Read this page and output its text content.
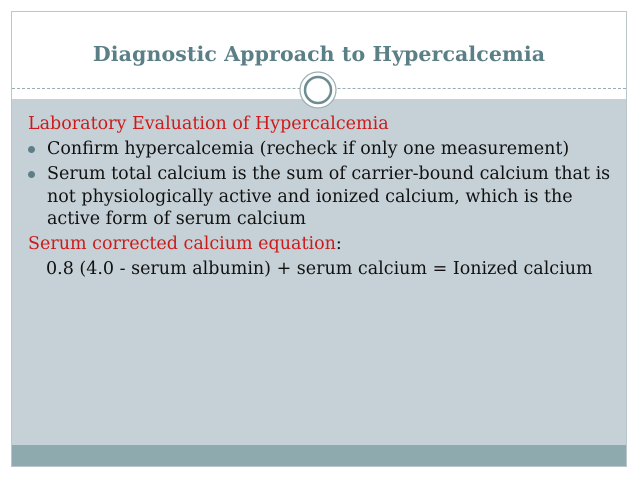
Diagnostic Approach to Hypercalcemia

Laboratory Evaluation of Hypercalcemia

Confirm hypercalcemia (recheck if only one measurement)
Serum total calcium is the sum of carrier-bound calcium that is not physiologically active and ionized calcium, which is the active form of serum calcium

Serum corrected calcium equation:

0.8 (4.0 - serum albumin) + serum calcium = Ionized calcium
